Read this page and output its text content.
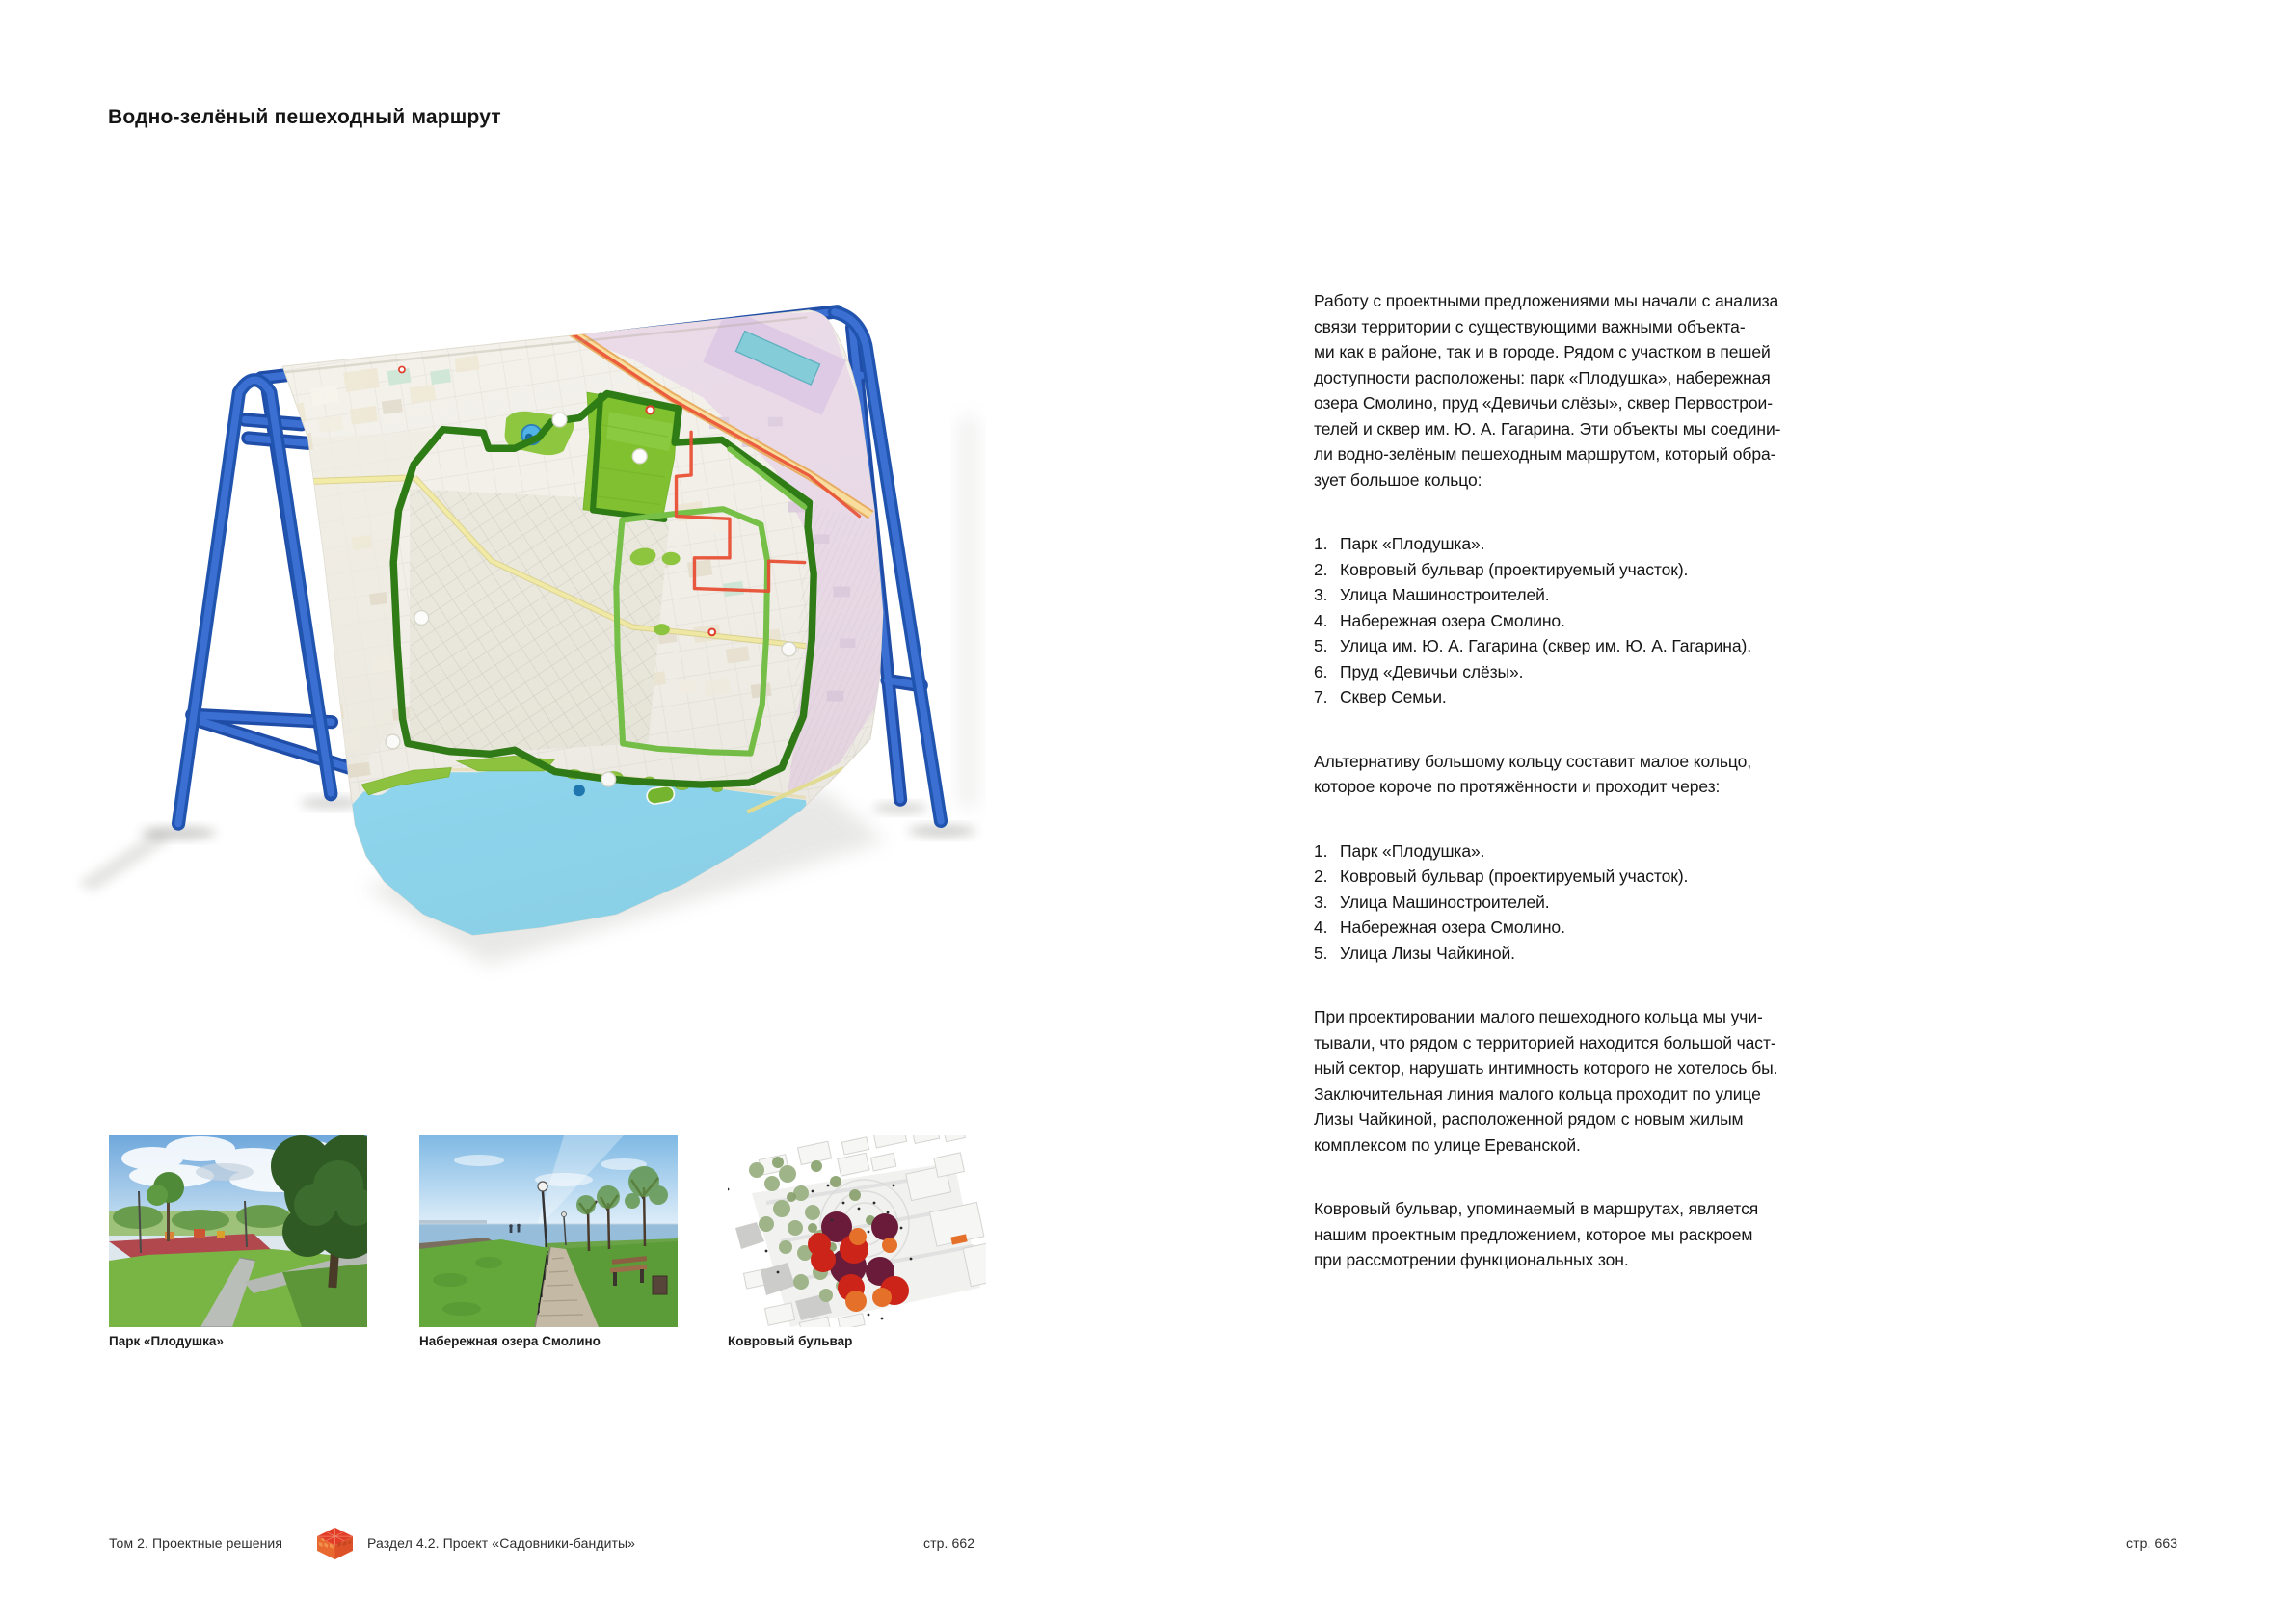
Водно-зелёный пешеходный маршрут
Парк «Плодушка»	Набережная озера Смолино	Ковровый бульвар
Работу с проектными предложениями мы начали с анализа
связи территории с существующими важными объекта-
ми как в районе, так и в городе. Рядом с участком в пешей
доступности расположены: парк «Плодушка», набережная
озера Смолино, пруд «Девичьи слёзы», сквер Первострои-
телей и сквер им. Ю. А. Гагарина. Эти объекты мы соедини-
ли водно-зелёным пешеходным маршрутом, который обра-
зует большое кольцо:
1. Парк «Плодушка».
2. Ковровый бульвар (проектируемый участок).
3. Улица Машиностроителей.
4. Набережная озера Смолино.
5. Улица им. Ю. А. Гагарина (сквер им. Ю. А. Гагарина).
6. Пруд «Девичьи слёзы».
7. Сквер Семьи.
Альтернативу большому кольцу составит малое кольцо,
которое короче по протяжённости и проходит через:
1. Парк «Плодушка».
2. Ковровый бульвар (проектируемый участок).
3. Улица Машиностроителей.
4. Набережная озера Смолино.
5. Улица Лизы Чайкиной.
При проектировании малого пешеходного кольца мы учи-
тывали, что рядом с территорией находится большой част-
ный сектор, нарушать интимность которого не хотелось бы.
Заключительная линия малого кольца проходит по улице
Лизы Чайкиной, расположенной рядом с новым жилым
комплексом по улице Ереванской.
Ковровый бульвар, упоминаемый в маршрутах, является
нашим проектным предложением, которое мы раскроем
при рассмотрении функциональных зон.
Том 2. Проектные решения	Раздел 4.2. Проект «Садовники-бандиты»	стр. 662	стр. 663
